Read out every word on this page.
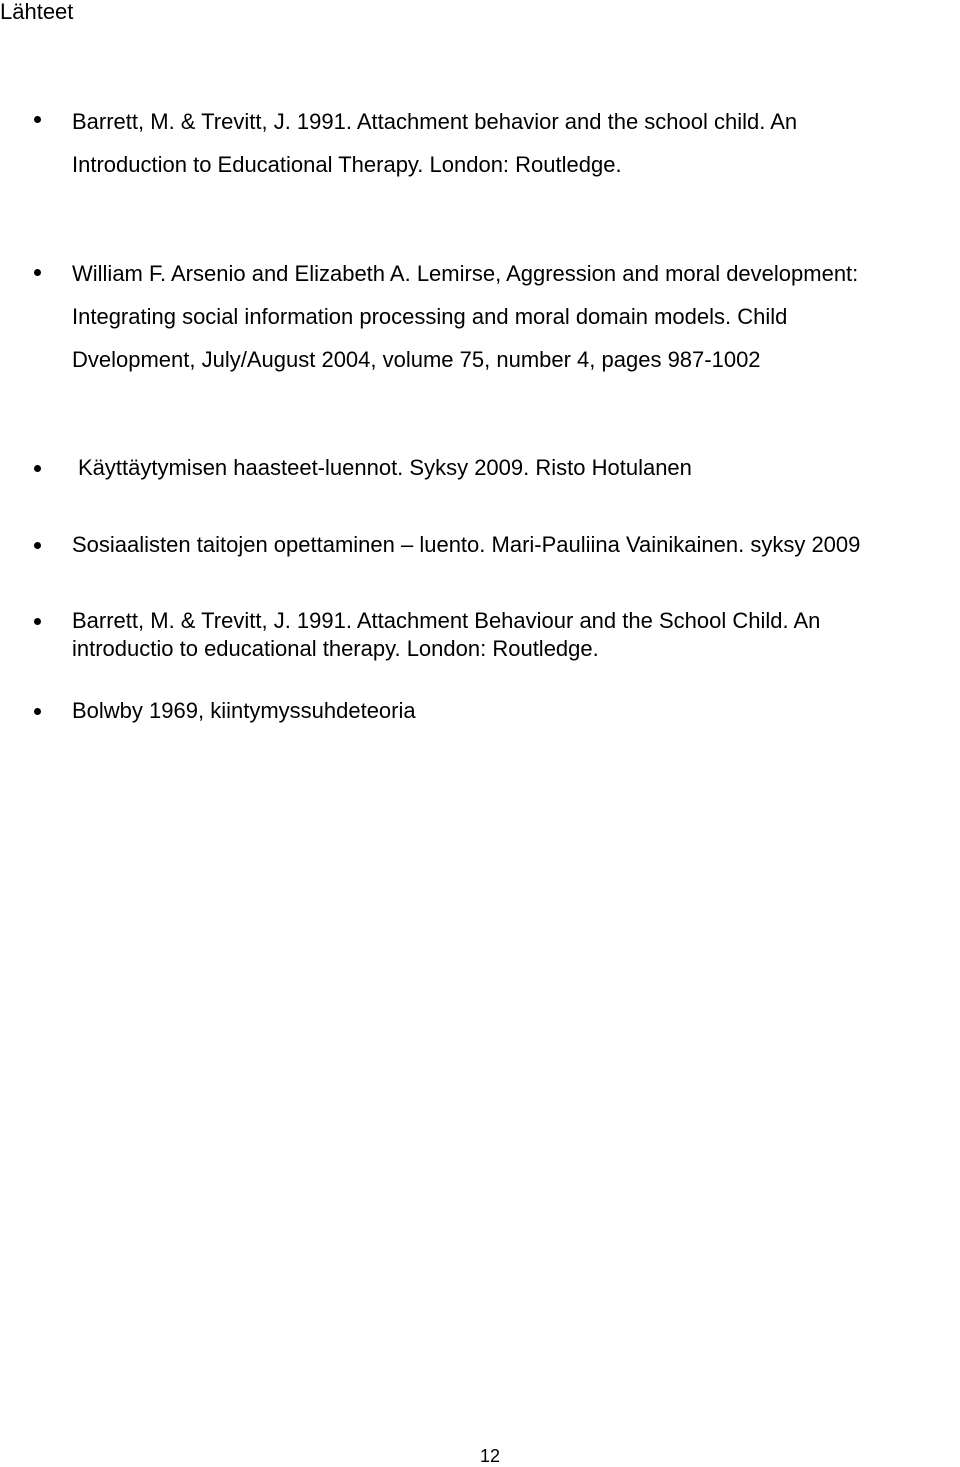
Lähteet
Barrett, M. & Trevitt, J. 1991. Attachment behavior and the school child. An
Introduction to Educational Therapy. London: Routledge.
William F. Arsenio and Elizabeth A. Lemirse, Aggression and moral development:
Integrating social information processing and moral domain models. Child
Dvelopment, July/August 2004, volume 75, number 4, pages 987-1002
Käyttäytymisen haasteet-luennot. Syksy 2009. Risto Hotulanen
Sosiaalisten taitojen opettaminen – luento. Mari-Pauliina Vainikainen. syksy 2009
Barrett, M. & Trevitt, J. 1991. Attachment Behaviour and the School Child. An
introductio to educational therapy. London: Routledge.
Bolwby 1969, kiintymyssuhdeteoria
12
